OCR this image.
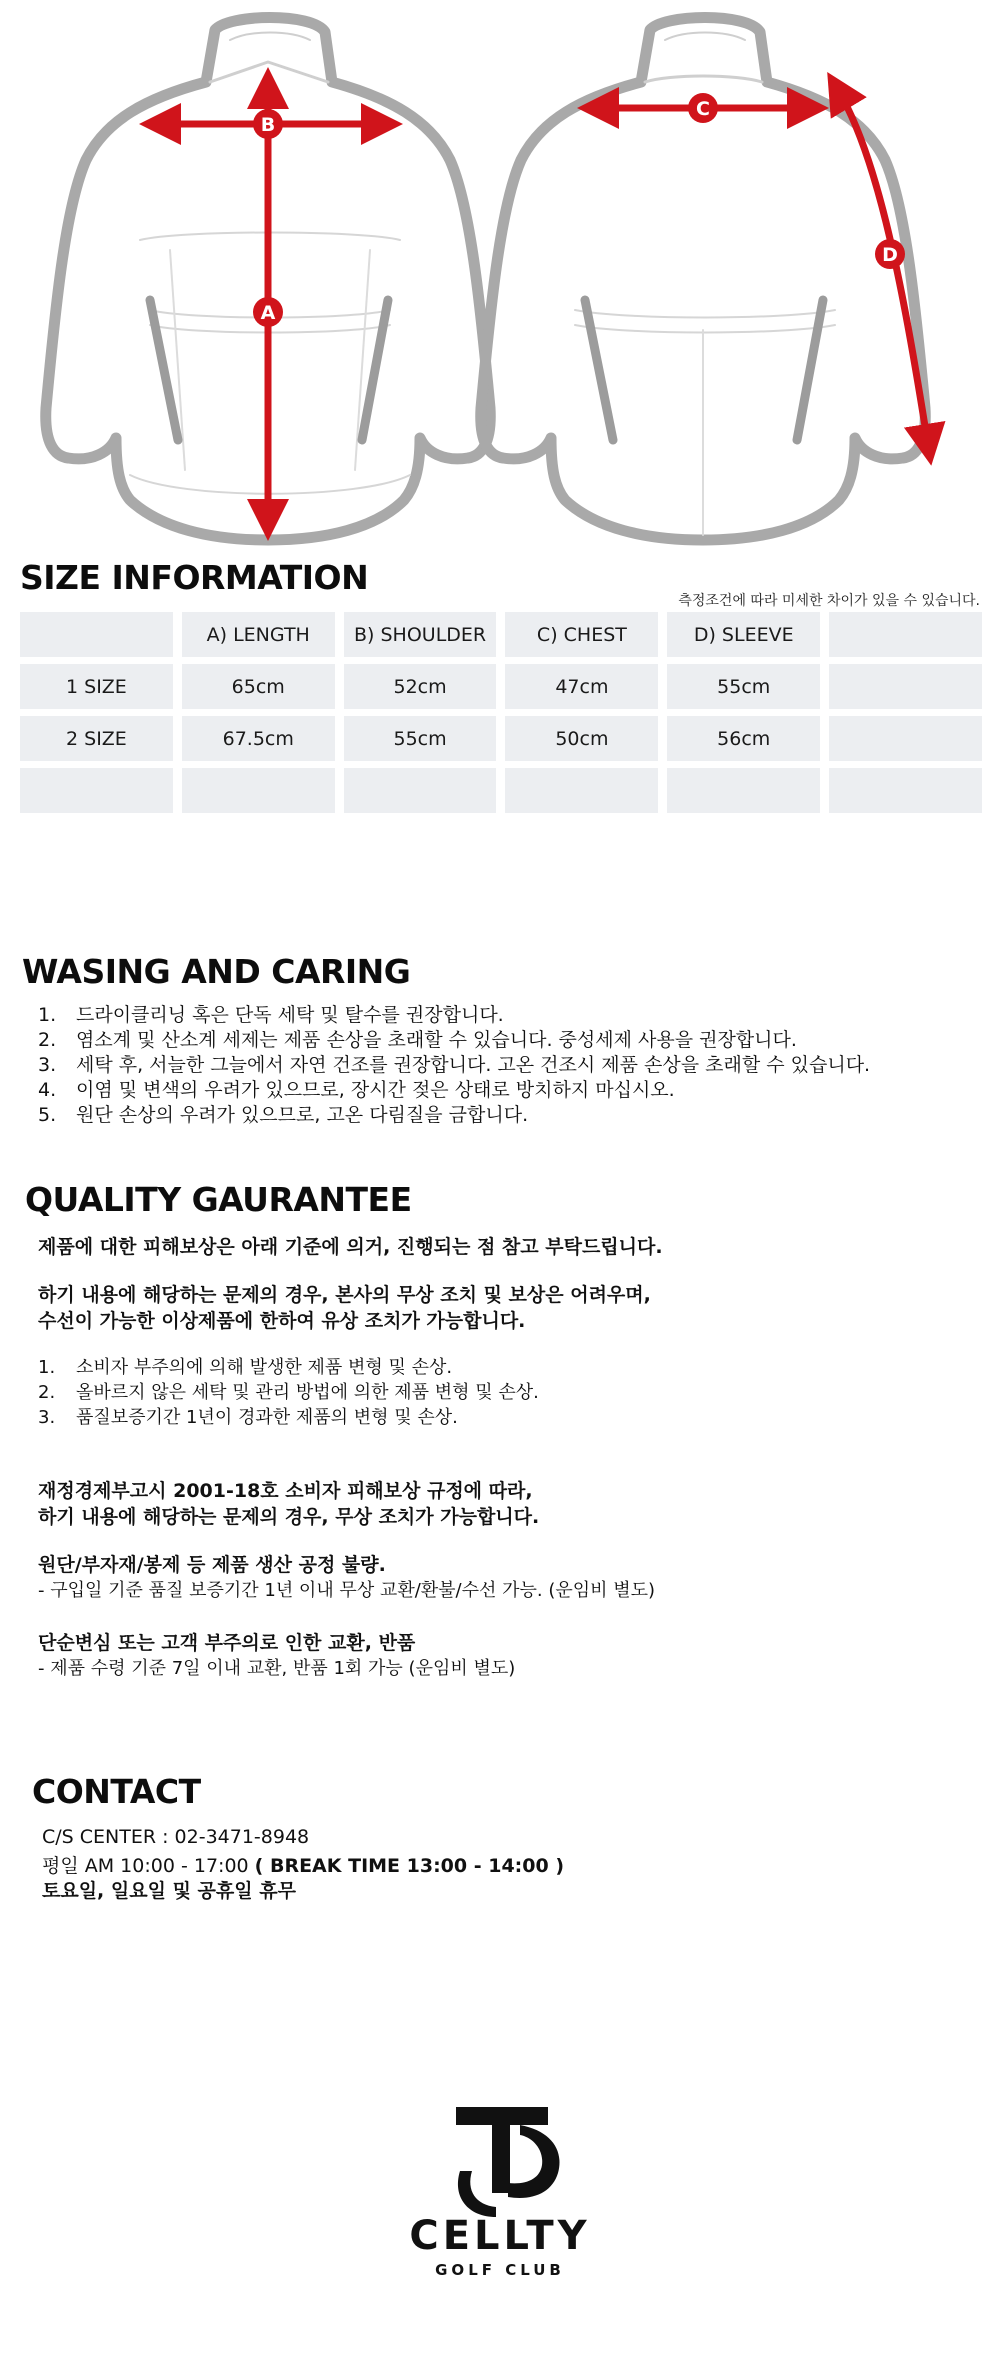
A
B
C
D
SIZE INFORMATION
측정조건에 따라 미세한 차이가 있을 수 있습니다.
A) LENGTH	B) SHOULDER	C) CHEST	D) SLEEVE
1 SIZE	65cm	52cm	47cm	55cm
2 SIZE	67.5cm	55cm	50cm	56cm
WASING AND CARING
1. 드라이클리닝 혹은 단독 세탁 및 탈수를 권장합니다.
2. 염소계 및 산소계 세제는 제품 손상을 초래할 수 있습니다. 중성세제 사용을 권장합니다.
3. 세탁 후, 서늘한 그늘에서 자연 건조를 권장합니다. 고온 건조시 제품 손상을 초래할 수 있습니다.
4. 이염 및 변색의 우려가 있으므로, 장시간 젖은 상태로 방치하지 마십시오.
5. 원단 손상의 우려가 있으므로, 고온 다림질을 금합니다.
QUALITY GAURANTEE
제품에 대한 피해보상은 아래 기준에 의거, 진행되는 점 참고 부탁드립니다.
하기 내용에 해당하는 문제의 경우, 본사의 무상 조치 및 보상은 어려우며,
수선이 가능한 이상제품에 한하여 유상 조치가 가능합니다.
1. 소비자 부주의에 의해 발생한 제품 변형 및 손상.
2. 올바르지 않은 세탁 및 관리 방법에 의한 제품 변형 및 손상.
3. 품질보증기간 1년이 경과한 제품의 변형 및 손상.
재정경제부고시 2001-18호 소비자 피해보상 규정에 따라,
하기 내용에 해당하는 문제의 경우, 무상 조치가 가능합니다.
원단/부자재/봉제 등 제품 생산 공정 불량.
- 구입일 기준 품질 보증기간 1년 이내 무상 교환/환불/수선 가능. (운임비 별도)
단순변심 또는 고객 부주의로 인한 교환, 반품
- 제품 수령 기준 7일 이내 교환, 반품 1회 가능 (운임비 별도)
CONTACT
C/S CENTER : 02-3471-8948
평일 AM 10:00 - 17:00 ( BREAK TIME 13:00 - 14:00 )
토요일, 일요일 및 공휴일 휴무
CELLTY
GOLF CLUB
